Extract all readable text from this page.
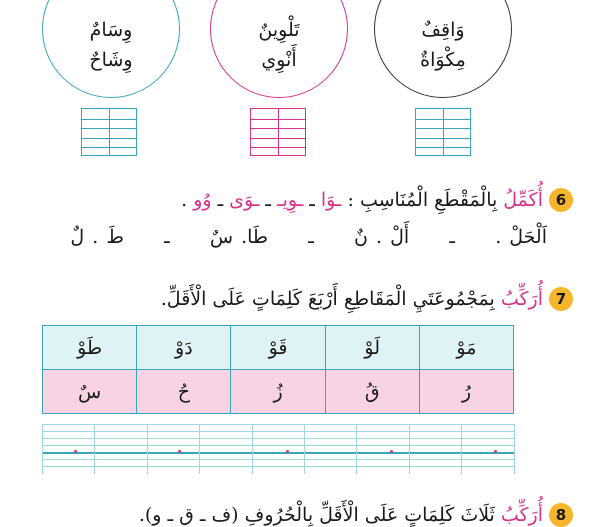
وَاقِفٌ
مِكْوَاةٌ
تَلْوِينٌ
أَنْوِي
وِسَامٌ
وِشَاحٌ
6
أُكَمِّلُ
بِالْمَقْطَعِ الْمُنَاسِبِ :
ـوَا
ـ
ـوِيـ
ـ
ـوَى
ـ
وُو
.
اَلْحَلْ .     ـ     أَلْ . نٌ     ـ     طَا. سٌ     ـ     طَ . لٌ
7
أُرَكِّبُ
بِمَجْمُوعَتَيِ الْمَقَاطِعِ أَرْبَعَ كَلِمَاتٍ عَلَى الْأَقَلِّ.
مَوْ	لَوْ	قَوْ	دَوْ	طَوْ
رُ	قُ	زُ	حُ	سٌ
8
أُرَكِّبُ
ثَلَاثَ كَلِمَاتٍ عَلَى الْأَقَلِّ بِالْحُرُوفِ (ف ـ ق ـ و).
